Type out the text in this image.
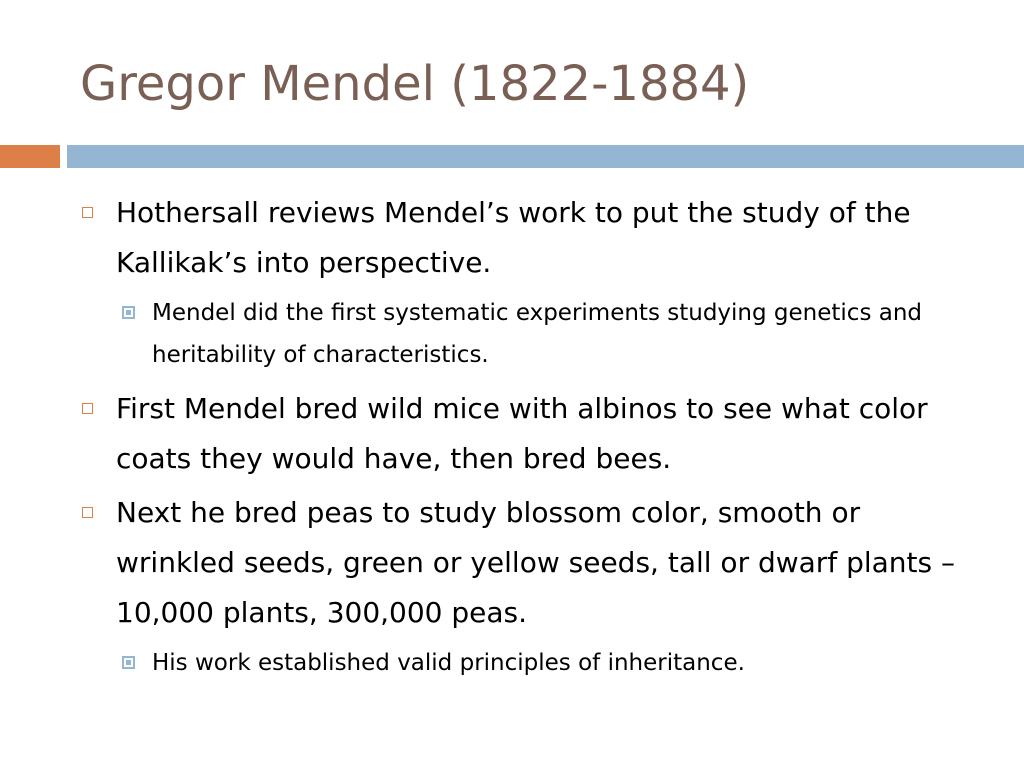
Gregor Mendel (1822-1884)
Hothersall reviews Mendel’s work to put the study of the Kallikak’s into perspective.
Mendel did the first systematic experiments studying genetics and heritability of characteristics.
First Mendel bred wild mice with albinos to see what color coats they would have, then bred bees.
Next he bred peas to study blossom color, smooth or wrinkled seeds, green or yellow seeds, tall or dwarf plants – 10,000 plants, 300,000 peas.
His work established valid principles of inheritance.
